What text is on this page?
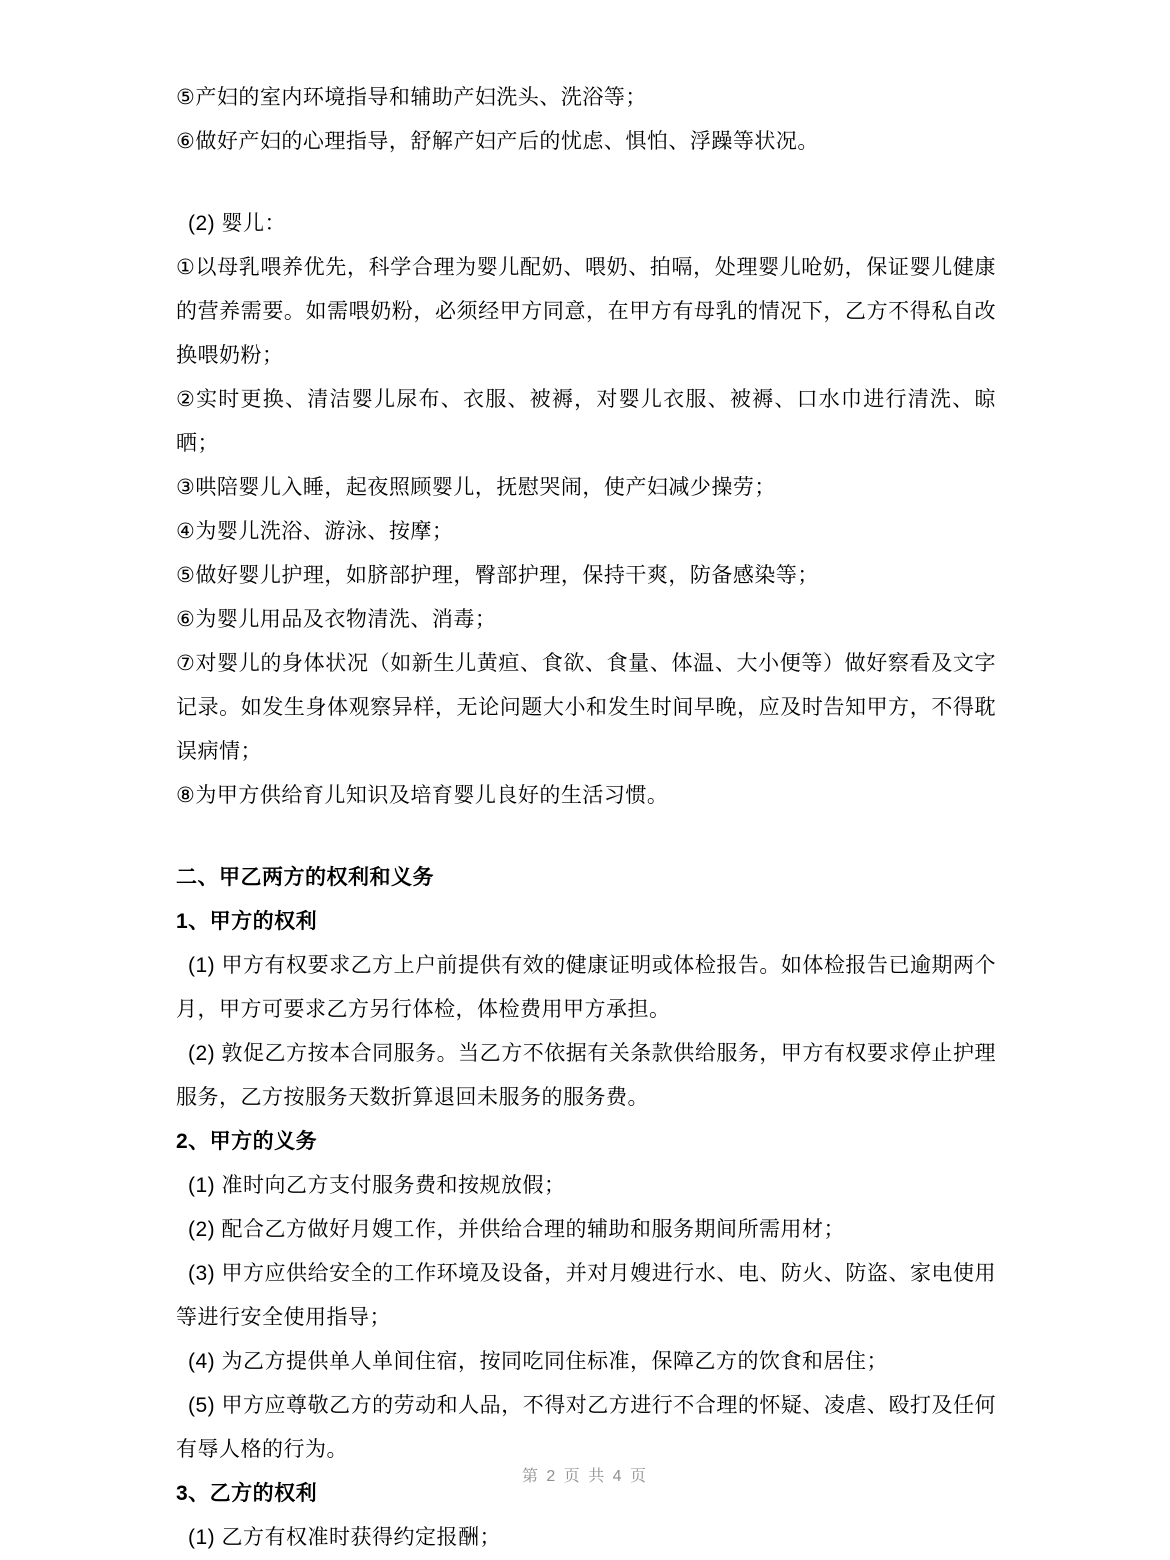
⑤产妇的室内环境指导和辅助产妇洗头、洗浴等；
⑥做好产妇的心理指导，舒解产妇产后的忧虑、惧怕、浮躁等状况。
(2) 婴儿：
①以母乳喂养优先，科学合理为婴儿配奶、喂奶、拍嗝，处理婴儿呛奶，保证婴儿健康的营养需要。如需喂奶粉，必须经甲方同意，在甲方有母乳的情况下，乙方不得私自改换喂奶粉；
②实时更换、清洁婴儿尿布、衣服、被褥，对婴儿衣服、被褥、口水巾进行清洗、晾晒；
③哄陪婴儿入睡，起夜照顾婴儿，抚慰哭闹，使产妇减少操劳；
④为婴儿洗浴、游泳、按摩；
⑤做好婴儿护理，如脐部护理，臀部护理，保持干爽，防备感染等；
⑥为婴儿用品及衣物清洗、消毒；
⑦对婴儿的身体状况（如新生儿黄疸、食欲、食量、体温、大小便等）做好察看及文字记录。如发生身体观察异样，无论问题大小和发生时间早晚，应及时告知甲方，不得耽误病情；
⑧为甲方供给育儿知识及培育婴儿良好的生活习惯。
二、甲乙两方的权利和义务
1、甲方的权利
(1) 甲方有权要求乙方上户前提供有效的健康证明或体检报告。如体检报告已逾期两个月，甲方可要求乙方另行体检，体检费用甲方承担。
(2) 敦促乙方按本合同服务。当乙方不依据有关条款供给服务，甲方有权要求停止护理服务，乙方按服务天数折算退回未服务的服务费。
2、甲方的义务
(1) 准时向乙方支付服务费和按规放假；
(2) 配合乙方做好月嫂工作，并供给合理的辅助和服务期间所需用材；
(3) 甲方应供给安全的工作环境及设备，并对月嫂进行水、电、防火、防盗、家电使用等进行安全使用指导；
(4) 为乙方提供单人单间住宿，按同吃同住标准，保障乙方的饮食和居住；
(5) 甲方应尊敬乙方的劳动和人品，不得对乙方进行不合理的怀疑、凌虐、殴打及任何有辱人格的行为。
3、乙方的权利
(1) 乙方有权准时获得约定报酬；
第 2 页 共 4 页
